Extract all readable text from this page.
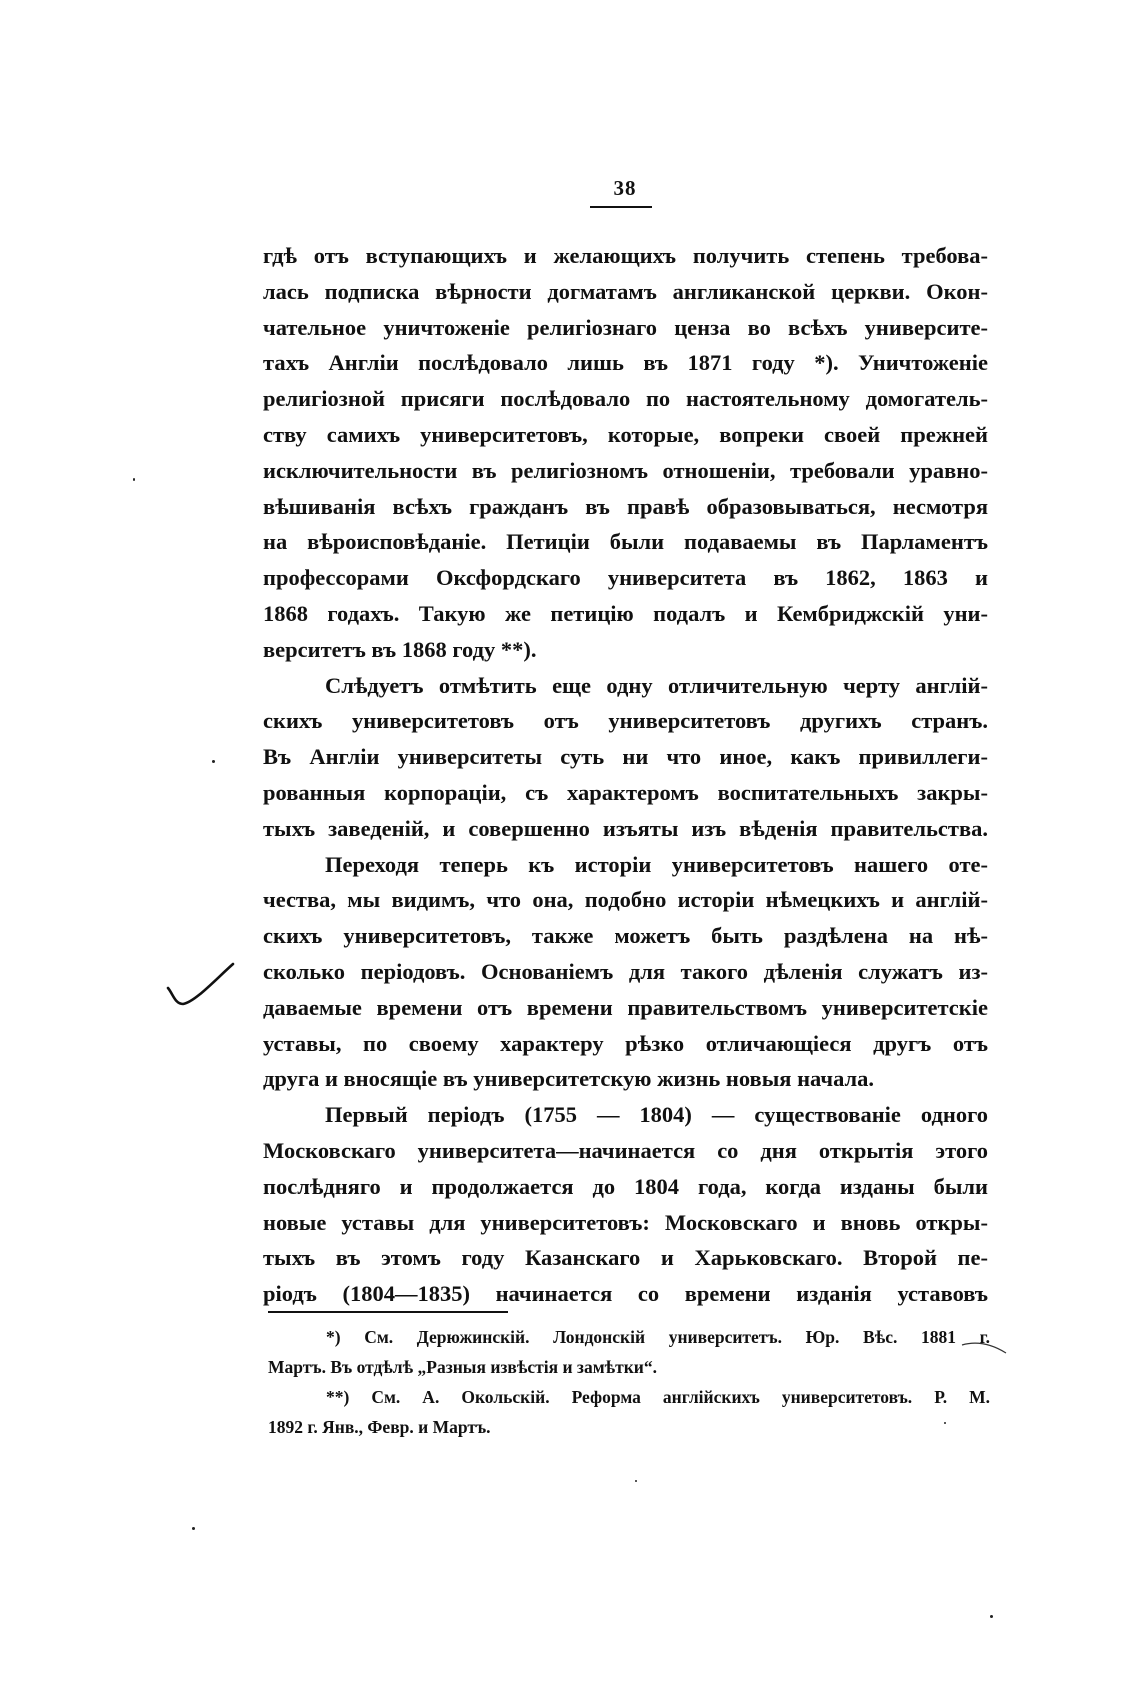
38
гдѣ отъ вступающихъ и желающихъ получить степень требова-
лась подписка вѣрности догматамъ англиканской церкви. Окон-
чательное уничтоженіе религіознаго ценза во всѣхъ университе-
тахъ Англіи послѣдовало лишь въ 1871 году *). Уничтоженіе
религіозной присяги послѣдовало по настоятельному домогатель-
ству самихъ университетовъ, которые, вопреки своей прежней
исключительности въ религіозномъ отношеніи, требовали уравно-
вѣшиванія всѣхъ гражданъ въ правѣ образовываться, несмотря
на вѣроисповѣданіе. Петиціи были подаваемы въ Парламентъ
профессорами Оксфордскаго университета въ 1862, 1863 и
1868 годахъ. Такую же петицію подалъ и Кембриджскій уни-
верситетъ въ 1868 году **).
Слѣдуетъ отмѣтить еще одну отличительную черту англій-
скихъ университетовъ отъ университетовъ другихъ странъ.
Въ Англіи университеты суть ни что иное, какъ привиллеги-
рованныя корпораціи, съ характеромъ воспитательныхъ закры-
тыхъ заведеній, и совершенно изъяты изъ вѣденія правительства.
Переходя теперь къ исторіи университетовъ нашего оте-
чества, мы видимъ, что она, подобно исторіи нѣмецкихъ и англій-
скихъ университетовъ, также можетъ быть раздѣлена на нѣ-
сколько періодовъ. Основаніемъ для такого дѣленія служатъ из-
даваемые времени отъ времени правительствомъ университетскіе
уставы, по своему характеру рѣзко отличающіеся другъ отъ
друга и вносящіе въ университетскую жизнь новыя начала.
Первый періодъ (1755 — 1804) — существованіе одного
Московскаго университета—начинается со дня открытія этого
послѣдняго и продолжается до 1804 года, когда изданы были
новые уставы для университетовъ: Московскаго и вновь откры-
тыхъ въ этомъ году Казанскаго и Харьковскаго. Второй пе-
ріодъ (1804—1835) начинается со времени изданія уставовъ
*) См. Дерюжинскій. Лондонскій университетъ. Юр. Вѣс. 1881 г.
Мартъ. Въ отдѣлѣ „Разныя извѣстія и замѣтки“.
**) См. А. Окольскій. Реформа англійскихъ университетовъ. Р. М.
1892 г. Янв., Февр. и Мартъ.
